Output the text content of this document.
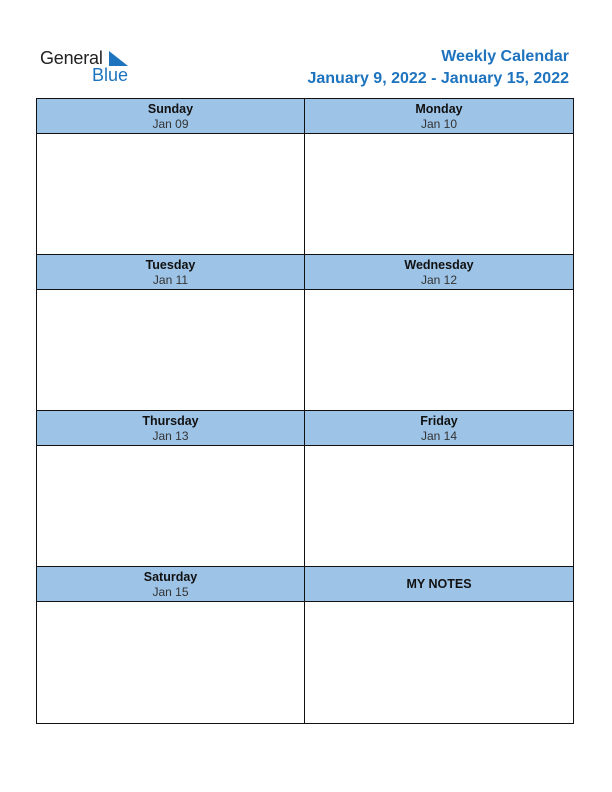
General
Blue
Weekly Calendar
January 9, 2022 - January 15, 2022
Sunday
Jan 09
Monday
Jan 10
Tuesday
Jan 11
Wednesday
Jan 12
Thursday
Jan 13
Friday
Jan 14
Saturday
Jan 15
MY NOTES
